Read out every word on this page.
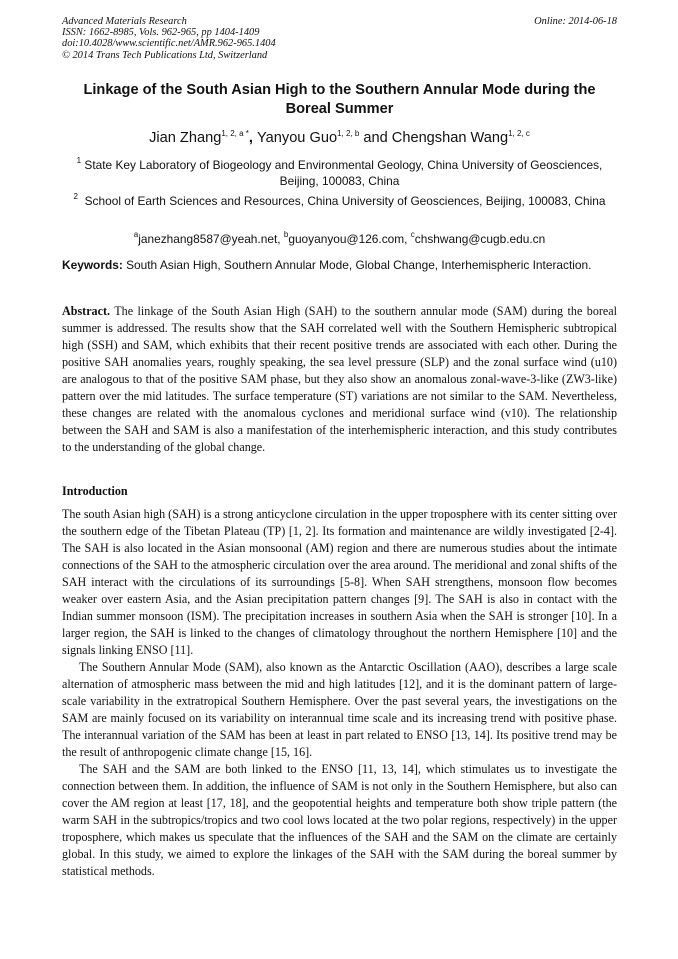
Advanced Materials Research
ISSN: 1662-8985, Vols. 962-965, pp 1404-1409
doi:10.4028/www.scientific.net/AMR.962-965.1404
© 2014 Trans Tech Publications Ltd, Switzerland
Online: 2014-06-18
Linkage of the South Asian High to the Southern Annular Mode during the Boreal Summer
Jian Zhang$^{1, 2, a *}$, Yanyou Guo$^{1, 2, b}$ and Chengshan Wang$^{1, 2, c}$
$^1$ State Key Laboratory of Biogeology and Environmental Geology, China University of Geosciences, Beijing, 100083, China
$^2$  School of Earth Sciences and Resources, China University of Geosciences, Beijing, 100083, China
$^a$janezhang8587@yeah.net, $^b$guoyanyou@126.com, $^c$chshwang@cugb.edu.cn
Keywords: South Asian High, Southern Annular Mode, Global Change, Interhemispheric Interaction.
Abstract. The linkage of the South Asian High (SAH) to the southern annular mode (SAM) during the boreal summer is addressed. The results show that the SAH correlated well with the Southern Hemispheric subtropical high (SSH) and SAM, which exhibits that their recent positive trends are associated with each other. During the positive SAH anomalies years, roughly speaking, the sea level pressure (SLP) and the zonal surface wind (u10) are analogous to that of the positive SAM phase, but they also show an anomalous zonal-wave-3-like (ZW3-like) pattern over the mid latitudes. The surface temperature (ST) variations are not similar to the SAM. Nevertheless, these changes are related with the anomalous cyclones and meridional surface wind (v10). The relationship between the SAH and SAM is also a manifestation of the interhemispheric interaction, and this study contributes to the understanding of the global change.
Introduction

The south Asian high (SAH) is a strong anticyclone circulation in the upper troposphere with its center sitting over the southern edge of the Tibetan Plateau (TP) [1, 2]. Its formation and maintenance are wildly investigated [2-4]. The SAH is also located in the Asian monsoonal (AM) region and there are numerous studies about the intimate connections of the SAH to the atmospheric circulation over the area around. The meridional and zonal shifts of the SAH interact with the circulations of its surroundings [5-8]. When SAH strengthens, monsoon flow becomes weaker over eastern Asia, and the Asian precipitation pattern changes [9]. The SAH is also in contact with the Indian summer monsoon (ISM). The precipitation increases in southern Asia when the SAH is stronger [10]. In a larger region, the SAH is linked to the changes of climatology throughout the northern Hemisphere [10] and the signals linking ENSO [11].

The Southern Annular Mode (SAM), also known as the Antarctic Oscillation (AAO), describes a large scale alternation of atmospheric mass between the mid and high latitudes [12], and it is the dominant pattern of large-scale variability in the extratropical Southern Hemisphere. Over the past several years, the investigations on the SAM are mainly focused on its variability on interannual time scale and its increasing trend with positive phase. The interannual variation of the SAM has been at least in part related to ENSO [13, 14]. Its positive trend may be the result of anthropogenic climate change [15, 16].

The SAH and the SAM are both linked to the ENSO [11, 13, 14], which stimulates us to investigate the connection between them. In addition, the influence of SAM is not only in the Southern Hemisphere, but also can cover the AM region at least [17, 18], and the geopotential heights and temperature both show triple pattern (the warm SAH in the subtropics/tropics and two cool lows located at the two polar regions, respectively) in the upper troposphere, which makes us speculate that the influences of the SAH and the SAM on the climate are certainly global. In this study, we aimed to explore the linkages of the SAH with the SAM during the boreal summer by statistical methods.
